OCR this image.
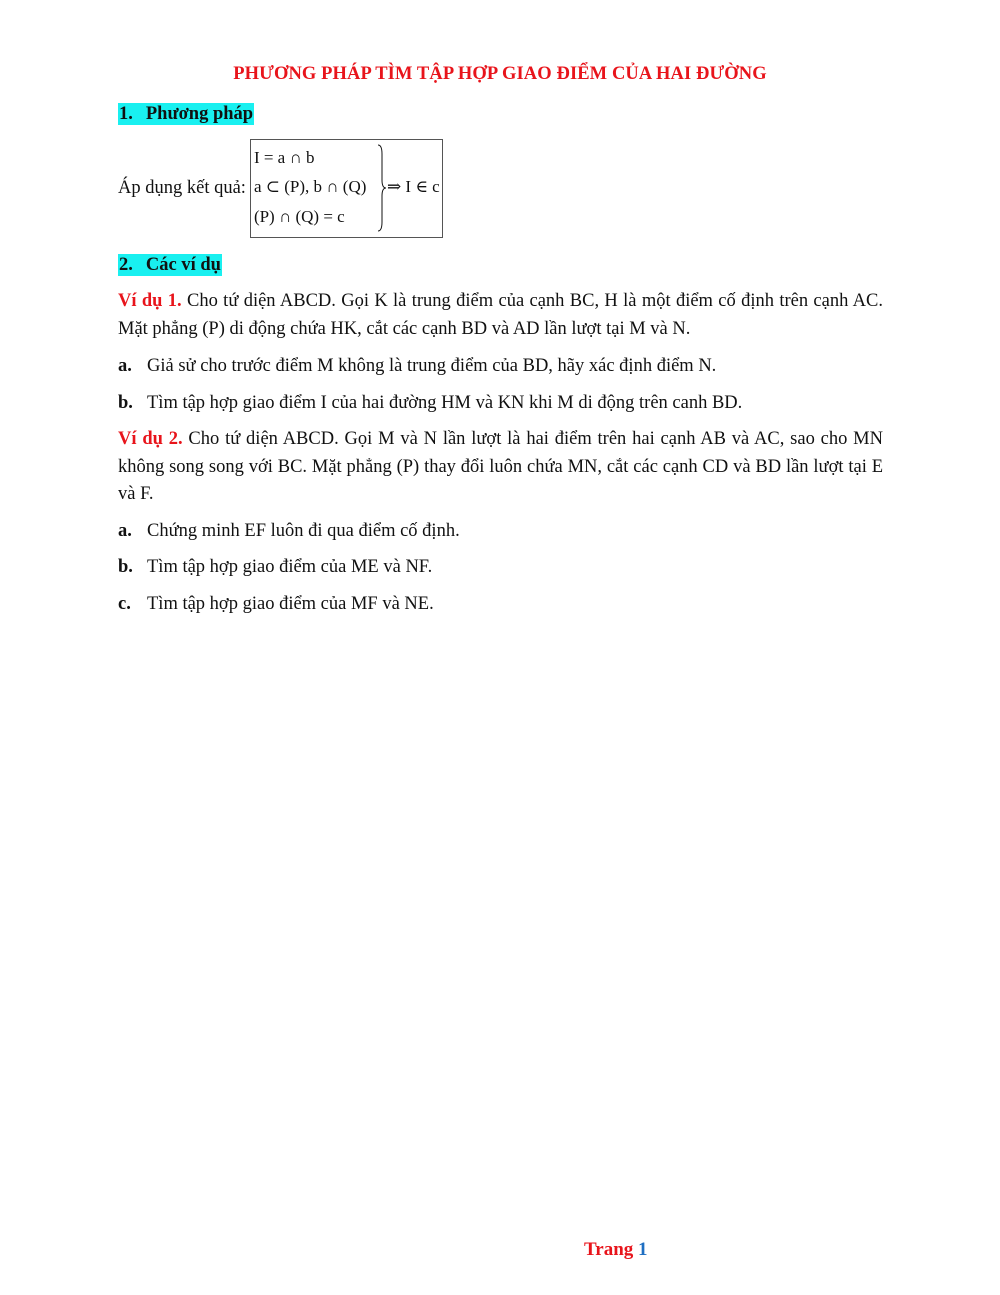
PHƯƠNG PHÁP TÌM TẬP HỢP GIAO ĐIỂM CỦA HAI ĐƯỜNG
1. Phương pháp
Áp dụng kết quả:
I = a ∩ b
a ⊂ (P), b ∩ (Q)
(P) ∩ (Q) = c
⇒ I ∈ c
2. Các ví dụ
Ví dụ 1. Cho tứ diện ABCD. Gọi K là trung điểm của cạnh BC, H là một điểm cố định trên cạnh AC. Mặt phẳng (P) di động chứa HK, cắt các cạnh BD và AD lần lượt tại M và N.
a. Giả sử cho trước điểm M không là trung điểm của BD, hãy xác định điểm N.
b. Tìm tập hợp giao điểm I của hai đường HM và KN khi M di động trên canh BD.
Ví dụ 2. Cho tứ diện ABCD. Gọi M và N lần lượt là hai điểm trên hai cạnh AB và AC, sao cho MN không song song với BC. Mặt phẳng (P) thay đổi luôn chứa MN, cắt các cạnh CD và BD lần lượt tại E và F.
a. Chứng minh EF luôn đi qua điểm cố định.
b. Tìm tập hợp giao điểm của ME và NF.
c. Tìm tập hợp giao điểm của MF và NE.
Trang 1
